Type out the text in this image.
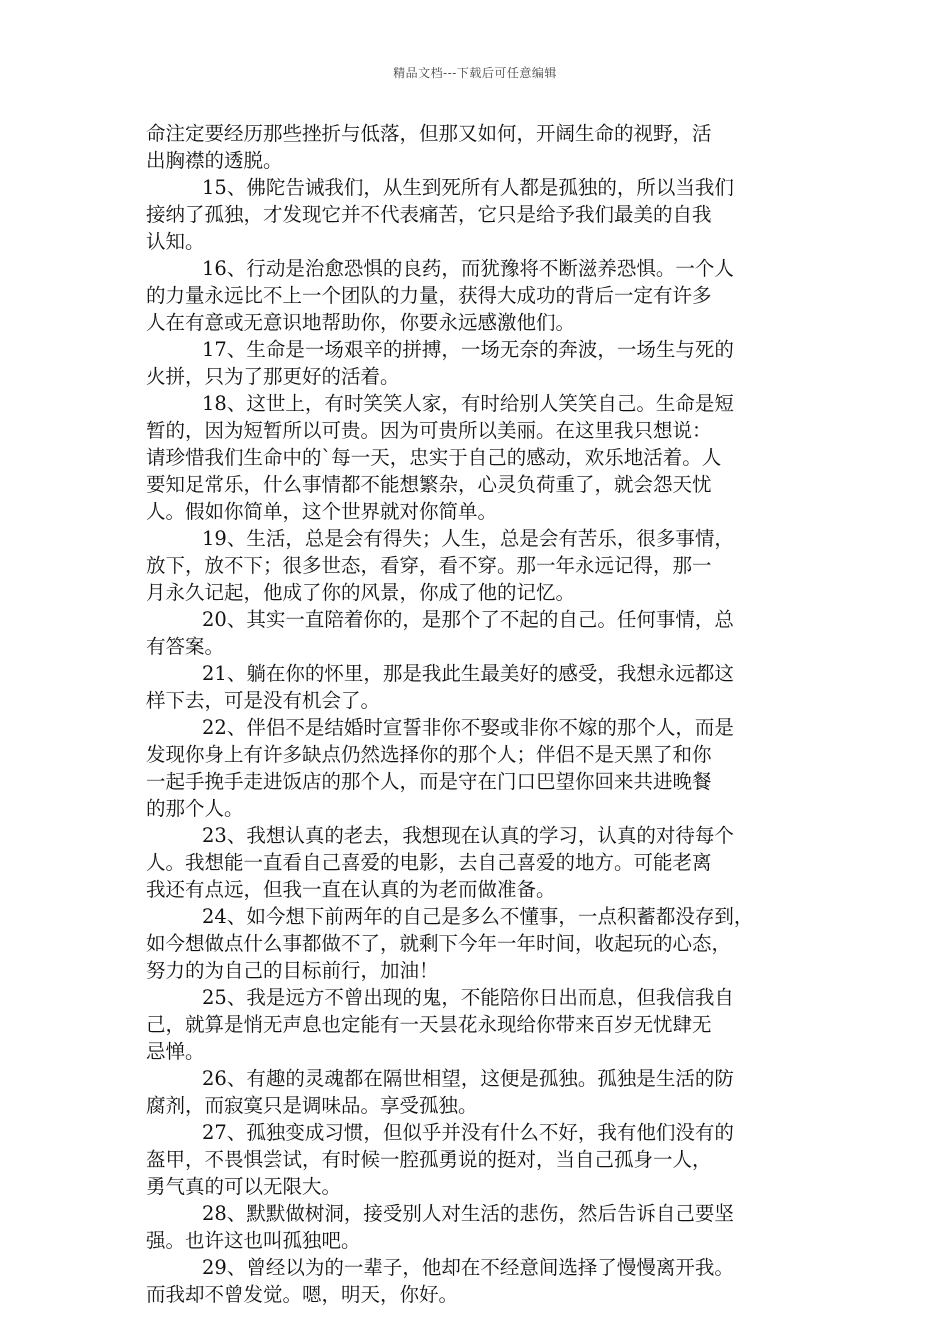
精品文档---下载后可任意编辑
命注定要经历那些挫折与低落，但那又如何，开阔生命的视野，活
出胸襟的透脱。
15、佛陀告诫我们，从生到死所有人都是孤独的，所以当我们
接纳了孤独，才发现它并不代表痛苦，它只是给予我们最美的自我
认知。
16、行动是治愈恐惧的良药，而犹豫将不断滋养恐惧。一个人
的力量永远比不上一个团队的力量，获得大成功的背后一定有许多
人在有意或无意识地帮助你，你要永远感激他们。
17、生命是一场艰辛的拼搏，一场无奈的奔波，一场生与死的
火拼，只为了那更好的活着。
18、这世上，有时笑笑人家，有时给别人笑笑自己。生命是短
暂的，因为短暂所以可贵。因为可贵所以美丽。在这里我只想说：
请珍惜我们生命中的`每一天，忠实于自己的感动，欢乐地活着。人
要知足常乐，什么事情都不能想繁杂，心灵负荷重了，就会怨天忧
人。假如你简单，这个世界就对你简单。
19、生活，总是会有得失；人生，总是会有苦乐，很多事情，
放下，放不下；很多世态，看穿，看不穿。那一年永远记得，那一
月永久记起，他成了你的风景，你成了他的记忆。
20、其实一直陪着你的，是那个了不起的自己。任何事情，总
有答案。
21、躺在你的怀里，那是我此生最美好的感受，我想永远都这
样下去，可是没有机会了。
22、伴侣不是结婚时宣誓非你不娶或非你不嫁的那个人，而是
发现你身上有许多缺点仍然选择你的那个人；伴侣不是天黑了和你
一起手挽手走进饭店的那个人，而是守在门口巴望你回来共进晚餐
的那个人。
23、我想认真的老去，我想现在认真的学习，认真的对待每个
人。我想能一直看自己喜爱的电影，去自己喜爱的地方。可能老离
我还有点远，但我一直在认真的为老而做准备。
24、如今想下前两年的自己是多么不懂事，一点积蓄都没存到，
如今想做点什么事都做不了，就剩下今年一年时间，收起玩的心态，
努力的为自己的目标前行，加油！
25、我是远方不曾出现的鬼，不能陪你日出而息，但我信我自
己，就算是悄无声息也定能有一天昙花永现给你带来百岁无忧肆无
忌惮。
26、有趣的灵魂都在隔世相望，这便是孤独。孤独是生活的防
腐剂，而寂寞只是调味品。享受孤独。
27、孤独变成习惯，但似乎并没有什么不好，我有他们没有的
盔甲，不畏惧尝试，有时候一腔孤勇说的挺对，当自己孤身一人，
勇气真的可以无限大。
28、默默做树洞，接受别人对生活的悲伤，然后告诉自己要坚
强。也许这也叫孤独吧。
29、曾经以为的一辈子，他却在不经意间选择了慢慢离开我。
而我却不曾发觉。嗯，明天，你好。
